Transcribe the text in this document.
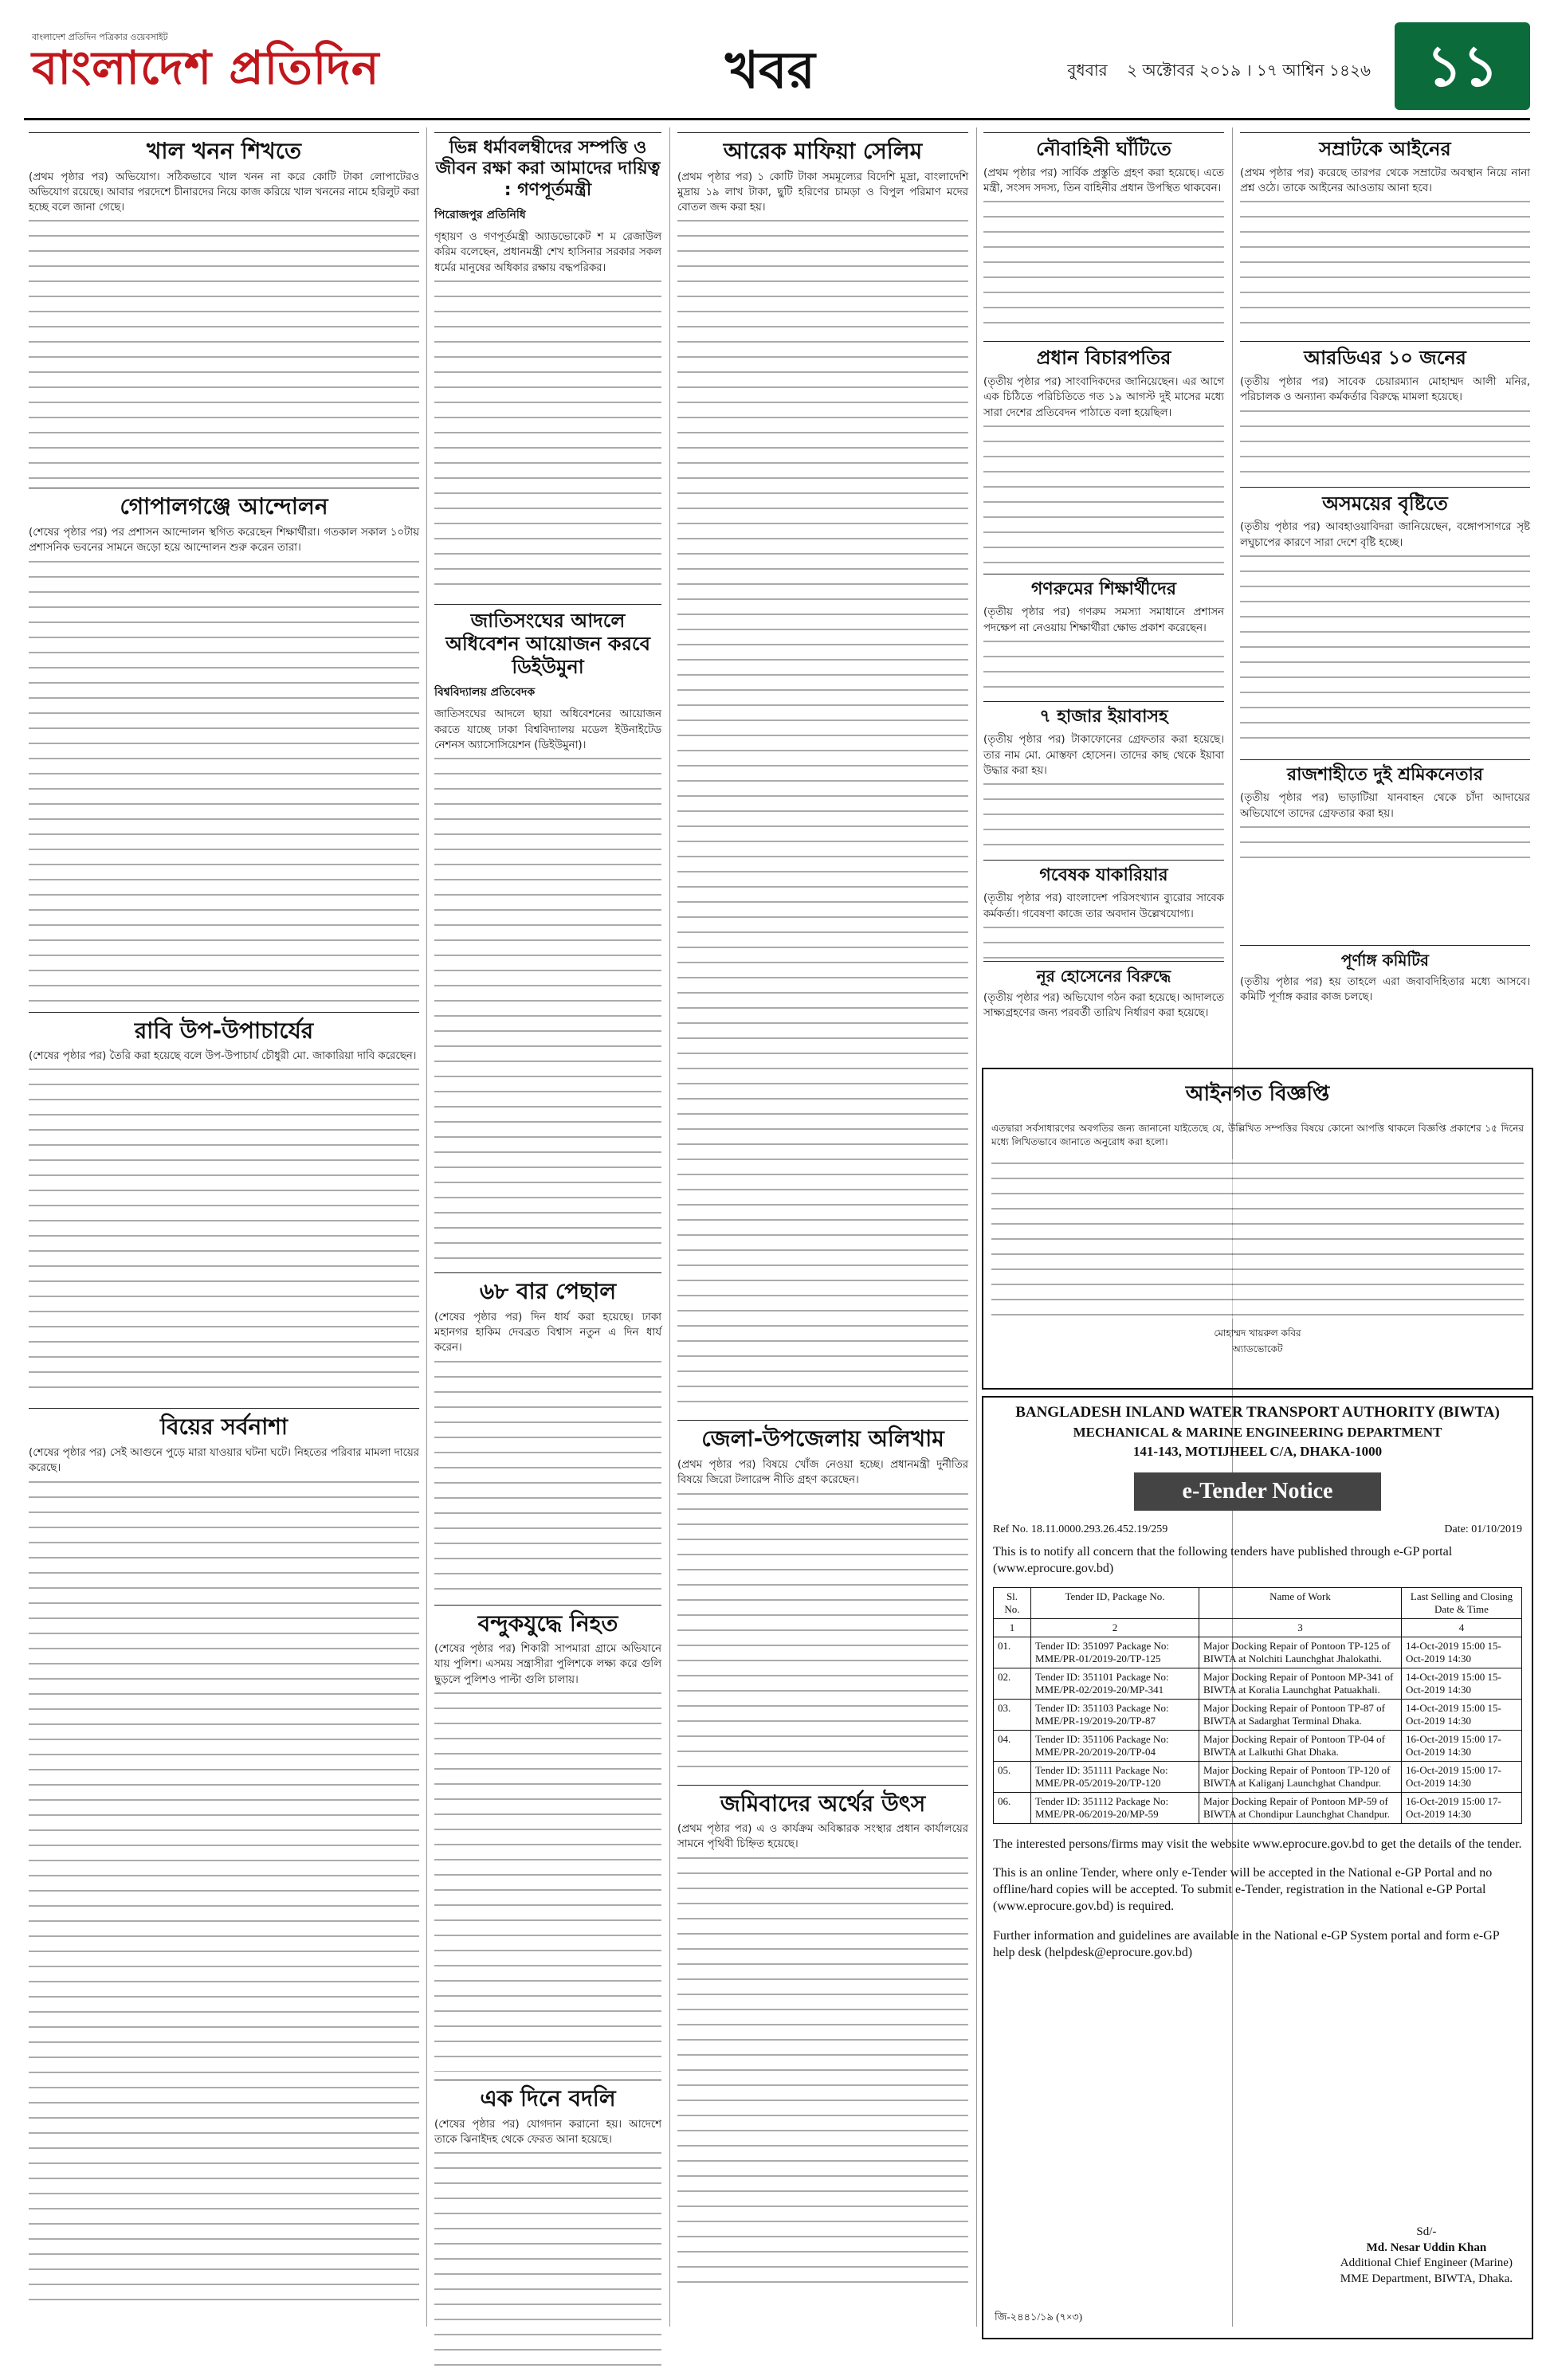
বাংলাদেশ প্রতিদিন পত্রিকার ওয়েবসাইট
বাংলাদেশ প্রতিদিন	খবর	বুধবার ২ অক্টোবর ২০১৯ । ১৭ আশ্বিন ১৪২৬ ১১
খাল খনন শিখতে

(প্রথম পৃষ্ঠার পর) অভিযোগ। সঠিকভাবে খাল খনন না করে কোটি টাকা লোপাটেরও অভিযোগ রয়েছে। আবার পরদেশে চীনারদের নিয়ে কাজ করিয়ে খাল খননের নামে হরিলুট করা হচ্ছে বলে জানা গেছে।

গোপালগঞ্জে আন্দোলন

(শেষের পৃষ্ঠার পর) পর প্রশাসন আন্দোলন স্থগিত করেছেন শিক্ষার্থীরা। গতকাল সকাল ১০টায় প্রশাসনিক ভবনের সামনে জড়ো হয়ে আন্দোলন শুরু করেন তারা।

রাবি উপ-উপাচার্যের

(শেষের পৃষ্ঠার পর) তৈরি করা হয়েছে বলে উপ-উপাচার্য চৌধুরী মো. জাকারিয়া দাবি করেছেন।

বিয়ের সর্বনাশা

(শেষের পৃষ্ঠার পর) সেই আগুনে পুড়ে মারা যাওয়ার ঘটনা ঘটে। নিহতের পরিবার মামলা দায়ের করেছে।

ভিন্ন ধর্মাবলম্বীদের সম্পত্তি ও জীবন রক্ষা করা আমাদের দায়িত্ব : গণপূর্তমন্ত্রী
পিরোজপুর প্রতিনিধি

গৃহায়ণ ও গণপূর্তমন্ত্রী অ্যাডভোকেট শ ম রেজাউল করিম বলেছেন, প্রধানমন্ত্রী শেখ হাসিনার সরকার সকল ধর্মের মানুষের অধিকার রক্ষায় বদ্ধপরিকর।

জাতিসংঘের আদলে অধিবেশন আয়োজন করবে ডিইউমুনা
বিশ্ববিদ্যালয় প্রতিবেদক

জাতিসংঘের আদলে ছায়া অধিবেশনের আয়োজন করতে যাচ্ছে ঢাকা বিশ্ববিদ্যালয় মডেল ইউনাইটেড নেশনস অ্যাসোসিয়েশন (ডিইউমুনা)।

৬৮ বার পেছাল

(শেষের পৃষ্ঠার পর) দিন ধার্য করা হয়েছে। ঢাকা মহানগর হাকিম দেবব্রত বিশ্বাস নতুন এ দিন ধার্য করেন।

বন্দুকযুদ্ধে নিহত

(শেষের পৃষ্ঠার পর) শিকারী সাপমারা গ্রামে অভিযানে যায় পুলিশ। এসময় সন্ত্রাসীরা পুলিশকে লক্ষ্য করে গুলি ছুড়লে পুলিশও পাল্টা গুলি চালায়।

এক দিনে বদলি

(শেষের পৃষ্ঠার পর) যোগদান করানো হয়। আদেশে তাকে ঝিনাইদহ থেকে ফেরত আনা হয়েছে।

আরেক মাফিয়া সেলিম

(প্রথম পৃষ্ঠার পর) ১ কোটি টাকা সমমূল্যের বিদেশি মুদ্রা, বাংলাদেশি মুদ্রায় ১৯ লাখ টাকা, ছুটি হরিণের চামড়া ও বিপুল পরিমাণ মদের বোতল জব্দ করা হয়।

জেলা-উপজেলায় অলিখাম

(প্রথম পৃষ্ঠার পর) বিষয়ে খোঁজ নেওয়া হচ্ছে। প্রধানমন্ত্রী দুর্নীতির বিষয়ে জিরো টলারেন্স নীতি গ্রহণ করেছেন।

জমিবাদের অর্থের উৎস

(প্রথম পৃষ্ঠার পর) এ ও কার্যক্রম অবিষ্কারক সংস্থার প্রধান কার্যালয়ের সামনে পৃথিবী চিহ্নিত হয়েছে।

নৌবাহিনী ঘাঁটিতে

(প্রথম পৃষ্ঠার পর) সার্বিক প্রস্তুতি গ্রহণ করা হয়েছে। এতে মন্ত্রী, সংসদ সদস্য, তিন বাহিনীর প্রধান উপস্থিত থাকবেন।

প্রধান বিচারপতির

(তৃতীয় পৃষ্ঠার পর) সাংবাদিকদের জানিয়েছেন। এর আগে এক চিঠিতে পরিচিতিতে গত ১৯ আগস্ট দুই মাসের মধ্যে সারা দেশের প্রতিবেদন পাঠাতে বলা হয়েছিল।

গণরুমের শিক্ষার্থীদের

(তৃতীয় পৃষ্ঠার পর) গণরুম সমস্যা সমাধানে প্রশাসন পদক্ষেপ না নেওয়ায় শিক্ষার্থীরা ক্ষোভ প্রকাশ করেছেন।

৭ হাজার ইয়াবাসহ

(তৃতীয় পৃষ্ঠার পর) টাকাফোনের গ্রেফতার করা হয়েছে। তার নাম মো. মোস্তফা হোসেন। তাদের কাছ থেকে ইয়াবা উদ্ধার করা হয়।

গবেষক যাকারিয়ার

(তৃতীয় পৃষ্ঠার পর) বাংলাদেশ পরিসংখ্যান ব্যুরোর সাবেক কর্মকর্তা। গবেষণা কাজে তার অবদান উল্লেখযোগ্য।

সম্রাটকে আইনের

(প্রথম পৃষ্ঠার পর) করেছে তারপর থেকে সম্রাটের অবস্থান নিয়ে নানা প্রশ্ন ওঠে। তাকে আইনের আওতায় আনা হবে।

আরডিএর ১০ জনের

(তৃতীয় পৃষ্ঠার পর) সাবেক চেয়ারম্যান মোহাম্মদ আলী মনির, পরিচালক ও অন্যান্য কর্মকর্তার বিরুদ্ধে মামলা হয়েছে।

অসময়ের বৃষ্টিতে

(তৃতীয় পৃষ্ঠার পর) আবহাওয়াবিদরা জানিয়েছেন, বঙ্গোপসাগরে সৃষ্ট লঘুচাপের কারণে সারা দেশে বৃষ্টি হচ্ছে।

রাজশাহীতে দুই শ্রমিকনেতার

(তৃতীয় পৃষ্ঠার পর) ভাড়াটিয়া যানবাহন থেকে চাঁদা আদায়ের অভিযোগে তাদের গ্রেফতার করা হয়।

আইনগত বিজ্ঞপ্তি

এতদ্বারা সর্বসাধারণের অবগতির জন্য জানানো যাইতেছে যে, উল্লিখিত সম্পত্তির বিষয়ে কোনো আপত্তি থাকলে বিজ্ঞপ্তি প্রকাশের ১৫ দিনের মধ্যে লিখিতভাবে জানাতে অনুরোধ করা হলো।

মোহাম্মদ খায়রুল কবির
অ্যাডভোকেট
BANGLADESH INLAND WATER TRANSPORT AUTHORITY (BIWTA)
MECHANICAL & MARINE ENGINEERING DEPARTMENT
141-143, MOTIJHEEL C/A, DHAKA-1000
e-Tender Notice
Ref No. 18.11.0000.293.26.452.19/259	Date: 01/10/2019
This is to notify all concern that the following tenders have published through e-GP portal (www.eprocure.gov.bd)
Sl. No.	Tender ID, Package No.	Name of Work	Last Selling and Closing Date & Time
1	2	3	4
01.	Tender ID: 351097 Package No: MME/PR-01/2019-20/TP-125	Major Docking Repair of Pontoon TP-125 of BIWTA at Nolchiti Launchghat Jhalokathi.	14-Oct-2019 15:00 15-Oct-2019 14:30
02.	Tender ID: 351101 Package No: MME/PR-02/2019-20/MP-341	Major Docking Repair of Pontoon MP-341 of BIWTA at Koralia Launchghat Patuakhali.	14-Oct-2019 15:00 15-Oct-2019 14:30
03.	Tender ID: 351103 Package No: MME/PR-19/2019-20/TP-87	Major Docking Repair of Pontoon TP-87 of BIWTA at Sadarghat Terminal Dhaka.	14-Oct-2019 15:00 15-Oct-2019 14:30
04.	Tender ID: 351106 Package No: MME/PR-20/2019-20/TP-04	Major Docking Repair of Pontoon TP-04 of BIWTA at Lalkuthi Ghat Dhaka.	16-Oct-2019 15:00 17-Oct-2019 14:30
05.	Tender ID: 351111 Package No: MME/PR-05/2019-20/TP-120	Major Docking Repair of Pontoon TP-120 of BIWTA at Kaliganj Launchghat Chandpur.	16-Oct-2019 15:00 17-Oct-2019 14:30
06.	Tender ID: 351112 Package No: MME/PR-06/2019-20/MP-59	Major Docking Repair of Pontoon MP-59 of BIWTA at Chondipur Launchghat Chandpur.	16-Oct-2019 15:00 17-Oct-2019 14:30
The interested persons/firms may visit the website www.eprocure.gov.bd to get the details of the tender.
This is an online Tender, where only e-Tender will be accepted in the National e-GP Portal and no offline/hard copies will be accepted. To submit e-Tender, registration in the National e-GP Portal (www.eprocure.gov.bd) is required.
Further information and guidelines are available in the National e-GP System portal and form e-GP help desk (helpdesk@eprocure.gov.bd)
Sd/-
Md. Nesar Uddin Khan
Additional Chief Engineer (Marine)
MME Department, BIWTA, Dhaka.
জি-২৪৪১/১৯ (৭×৩)
নূর হোসেনের বিরুদ্ধে

(তৃতীয় পৃষ্ঠার পর) অভিযোগ গঠন করা হয়েছে। আদালতে সাক্ষ্যগ্রহণের জন্য পরবর্তী তারিখ নির্ধারণ করা হয়েছে।

পূর্ণাঙ্গ কমিটির

(তৃতীয় পৃষ্ঠার পর) হয় তাহলে এরা জবাবদিহিতার মধ্যে আসবে। কমিটি পূর্ণাঙ্গ করার কাজ চলছে।
